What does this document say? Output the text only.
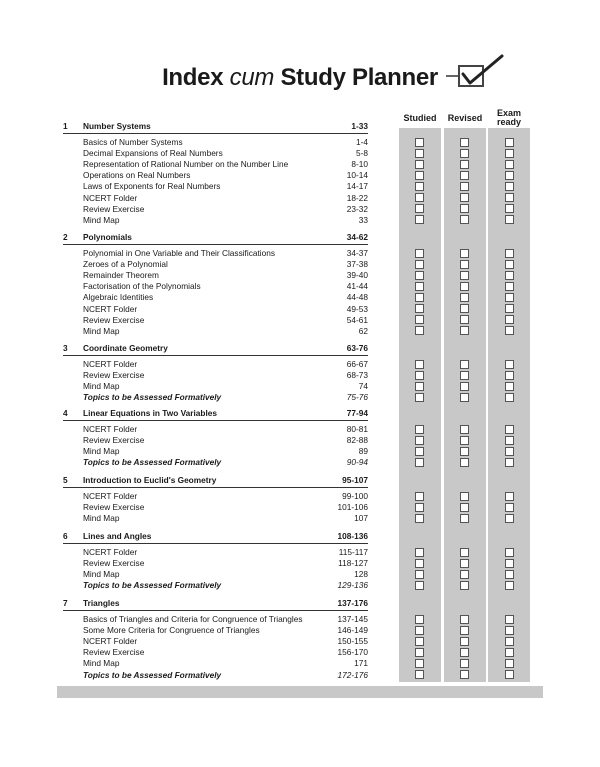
Index cum Study Planner
Studied	Revised	Exam
ready
1 Number Systems	1-33
Basics of Number Systems	1-4
Decimal Expansions of Real Numbers	5-8
Representation of Rational Number on the Number Line	8-10
Operations on Real Numbers	10-14
Laws of Exponents for Real Numbers	14-17
NCERT Folder	18-22
Review Exercise	23-32
Mind Map	33
2 Polynomials	34-62
Polynomial in One Variable and Their Classifications	34-37
Zeroes of a Polynomial	37-38
Remainder Theorem	39-40
Factorisation of the Polynomials	41-44
Algebraic Identities	44-48
NCERT Folder	49-53
Review Exercise	54-61
Mind Map	62
3 Coordinate Geometry	63-76
NCERT Folder	66-67
Review Exercise	68-73
Mind Map	74
Topics to be Assessed Formatively	75-76
4 Linear Equations in Two Variables	77-94
NCERT Folder	80-81
Review Exercise	82-88
Mind Map	89
Topics to be Assessed Formatively	90-94
5 Introduction to Euclid's Geometry	95-107
NCERT Folder	99-100
Review Exercise	101-106
Mind Map	107
6 Lines and Angles	108-136
NCERT Folder	115-117
Review Exercise	118-127
Mind Map	128
Topics to be Assessed Formatively	129-136
7 Triangles	137-176
Basics of Triangles and Criteria for Congruence of Triangles	137-145
Some More Criteria for Congruence of Triangles	146-149
NCERT Folder	150-155
Review Exercise	156-170
Mind Map	171
Topics to be Assessed Formatively	172-176
